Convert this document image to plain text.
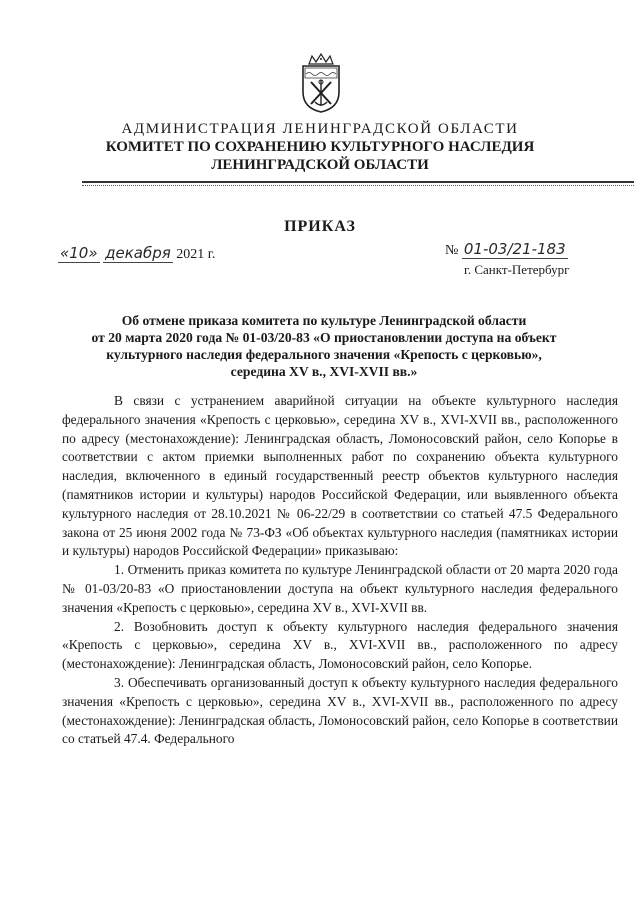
АДМИНИСТРАЦИЯ ЛЕНИНГРАДСКОЙ ОБЛАСТИ
КОМИТЕТ ПО СОХРАНЕНИЮ КУЛЬТУРНОГО НАСЛЕДИЯ
ЛЕНИНГРАДСКОЙ ОБЛАСТИ
ПРИКАЗ
«10» декабря 2021 г.	№ 01-03/21-183
г. Санкт-Петербург
Об отмене приказа комитета по культуре Ленинградской области
от 20 марта 2020 года № 01-03/20-83 «О приостановлении доступа на объект
культурного наследия федерального значения «Крепость с церковью»,
середина XV в., XVI-XVII вв.»

В связи с устранением аварийной ситуации на объекте культурного наследия федерального значения «Крепость с церковью», середина XV в., XVI-XVII вв., расположенного по адресу (местонахождение): Ленинградская область, Ломоносовский район, село Копорье в соответствии с актом приемки выполненных работ по сохранению объекта культурного наследия, включенного в единый государственный реестр объектов культурного наследия (памятников истории и культуры) народов Российской Федерации, или выявленного объекта культурного наследия от 28.10.2021 № 06-22/29 в соответствии со статьей 47.5 Федерального закона от 25 июня 2002 года № 73-ФЗ «Об объектах культурного наследия (памятниках истории и культуры) народов Российской Федерации» приказываю:

1. Отменить приказ комитета по культуре Ленинградской области от 20 марта 2020 года № 01-03/20-83 «О приостановлении доступа на объект культурного наследия федерального значения «Крепость с церковью», середина XV в., XVI-XVII вв.

2. Возобновить доступ к объекту культурного наследия федерального значения «Крепость с церковью», середина XV в., XVI-XVII вв., расположенного по адресу (местонахождение): Ленинградская область, Ломоносовский район, село Копорье.

3. Обеспечивать организованный доступ к объекту культурного наследия федерального значения «Крепость с церковью», середина XV в., XVI-XVII вв., расположенного по адресу (местонахождение): Ленинградская область, Ломоносовский район, село Копорье в соответствии со статьей 47.4. Федерального
